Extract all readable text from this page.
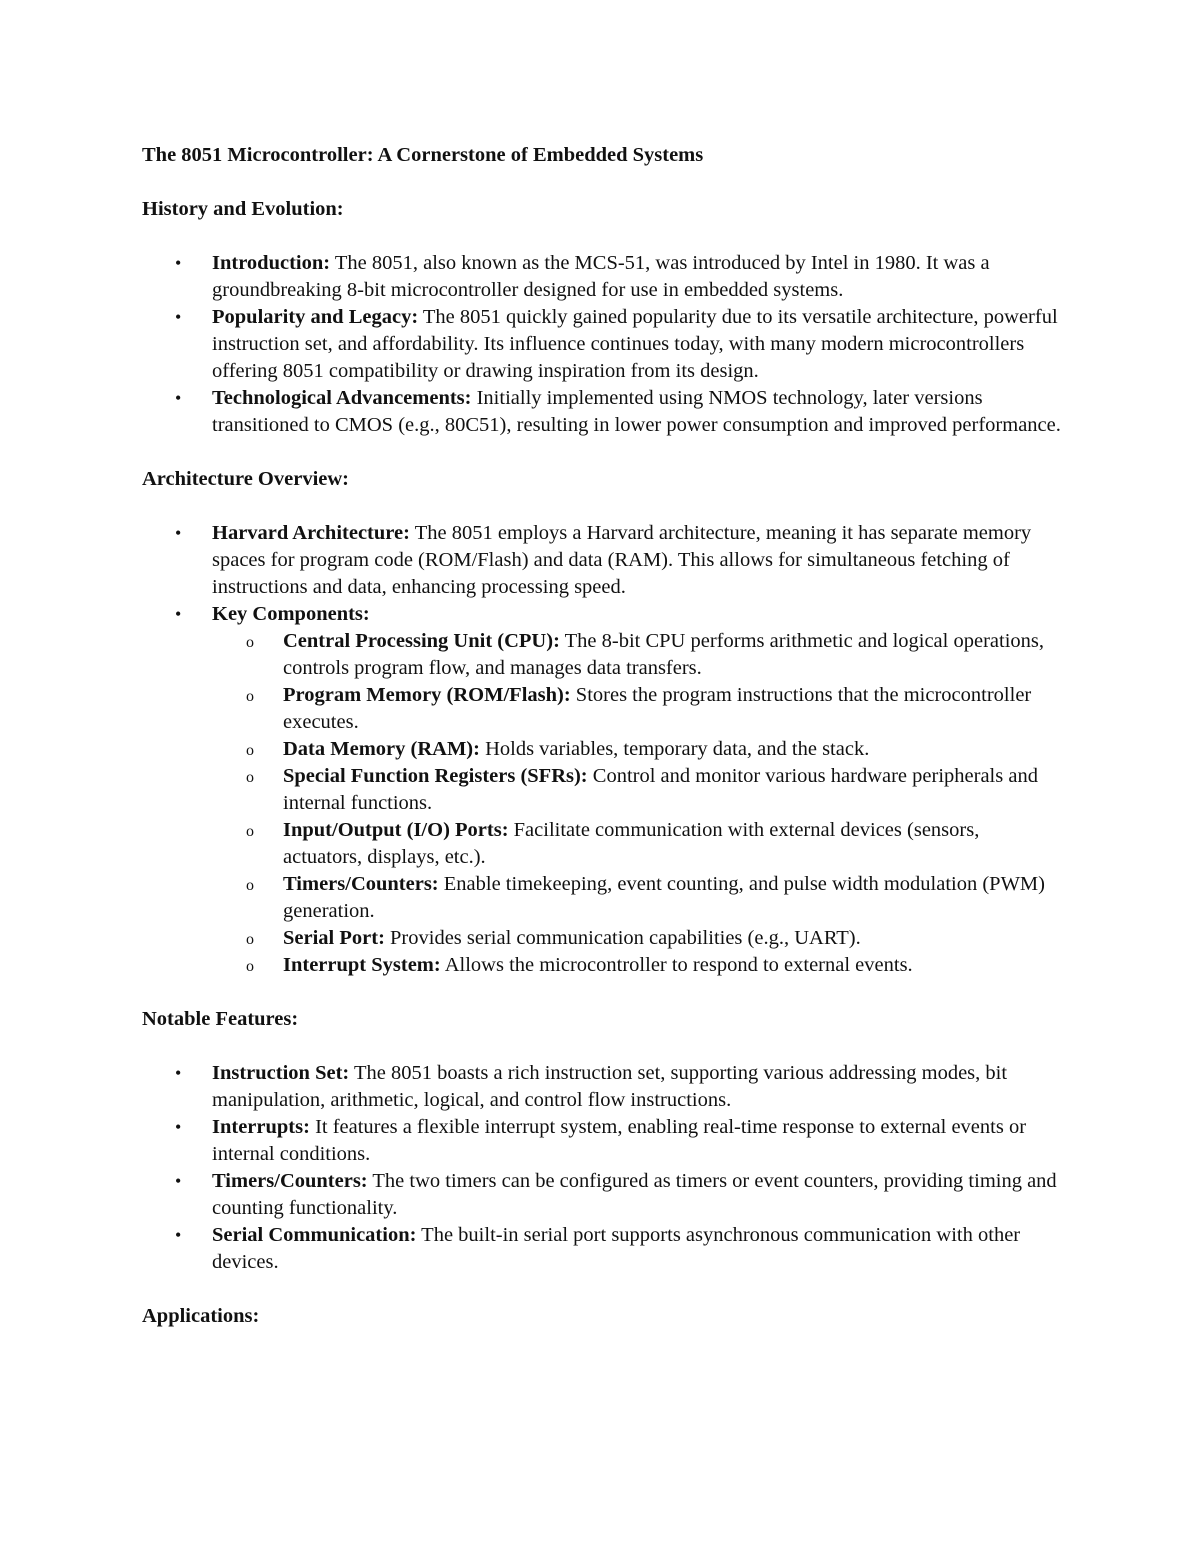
The 8051 Microcontroller: A Cornerstone of Embedded Systems

History and Evolution:

• Introduction: The 8051, also known as the MCS-51, was introduced by Intel in 1980. It was a groundbreaking 8-bit microcontroller designed for use in embedded systems.
• Popularity and Legacy: The 8051 quickly gained popularity due to its versatile architecture, powerful instruction set, and affordability. Its influence continues today, with many modern microcontrollers offering 8051 compatibility or drawing inspiration from its design.
• Technological Advancements: Initially implemented using NMOS technology, later versions transitioned to CMOS (e.g., 80C51), resulting in lower power consumption and improved performance.

Architecture Overview:

• Harvard Architecture: The 8051 employs a Harvard architecture, meaning it has separate memory spaces for program code (ROM/Flash) and data (RAM). This allows for simultaneous fetching of instructions and data, enhancing processing speed.
• Key Components:
o Central Processing Unit (CPU): The 8-bit CPU performs arithmetic and logical operations, controls program flow, and manages data transfers.
o Program Memory (ROM/Flash): Stores the program instructions that the microcontroller executes.
o Data Memory (RAM): Holds variables, temporary data, and the stack.
o Special Function Registers (SFRs): Control and monitor various hardware peripherals and internal functions.
o Input/Output (I/O) Ports: Facilitate communication with external devices (sensors, actuators, displays, etc.).
o Timers/Counters: Enable timekeeping, event counting, and pulse width modulation (PWM) generation.
o Serial Port: Provides serial communication capabilities (e.g., UART).
o Interrupt System: Allows the microcontroller to respond to external events.

Notable Features:

• Instruction Set: The 8051 boasts a rich instruction set, supporting various addressing modes, bit manipulation, arithmetic, logical, and control flow instructions.
• Interrupts: It features a flexible interrupt system, enabling real-time response to external events or internal conditions.
• Timers/Counters: The two timers can be configured as timers or event counters, providing timing and counting functionality.
• Serial Communication: The built-in serial port supports asynchronous communication with other devices.

Applications:
